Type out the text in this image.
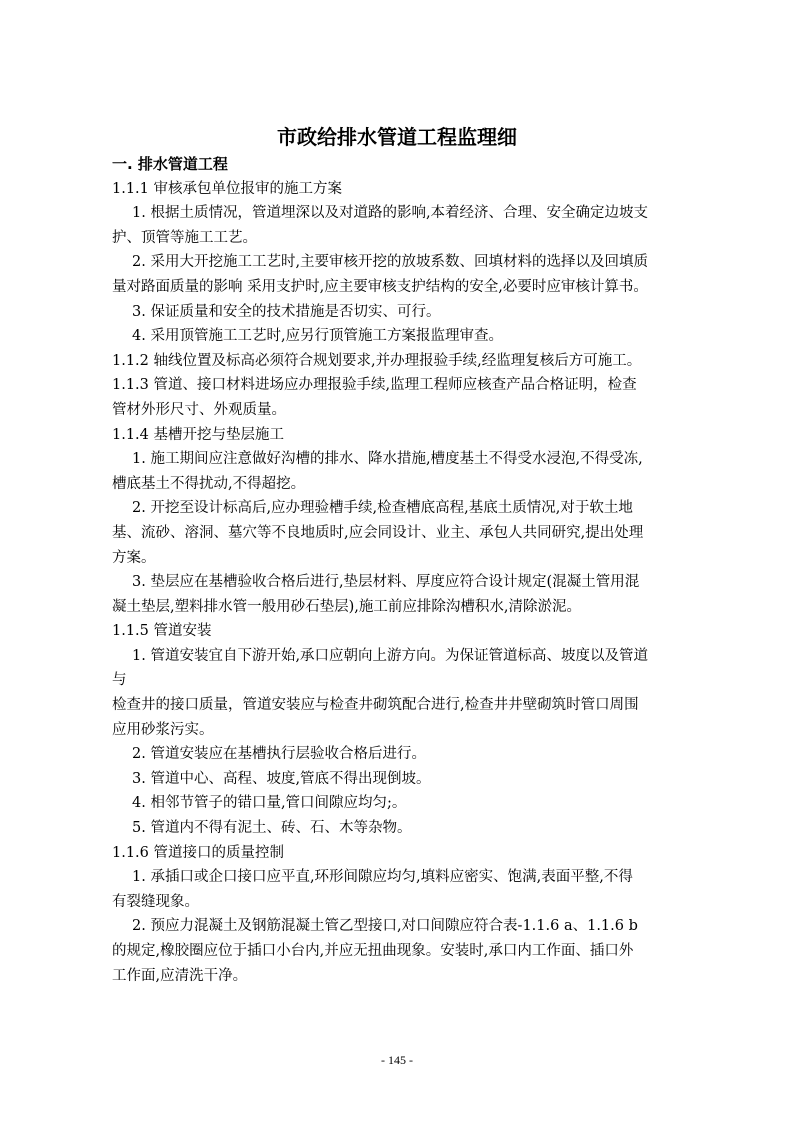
市政给排水管道工程监理细

一. 排水管道工程

1.1.1 审核承包单位报审的施工方案

1. 根据土质情况，管道埋深以及对道路的影响,本着经济、合理、安全确定边坡支

护、顶管等施工工艺。

2. 采用大开挖施工工艺时,主要审核开挖的放坡系数、回填材料的选择以及回填质

量对路面质量的影响 采用支护时,应主要审核支护结构的安全,必要时应审核计算书。

3. 保证质量和安全的技术措施是否切实、可行。

4. 采用顶管施工工艺时,应另行顶管施工方案报监理审查。

1.1.2 轴线位置及标高必须符合规划要求,并办理报验手续,经监理复核后方可施工。

1.1.3 管道、接口材料进场应办理报验手续,监理工程师应核查产品合格证明，检查

管材外形尺寸、外观质量。

1.1.4 基槽开挖与垫层施工

1. 施工期间应注意做好沟槽的排水、降水措施,槽度基土不得受水浸泡,不得受冻,

槽底基土不得扰动,不得超挖。

2. 开挖至设计标高后,应办理验槽手续,检查槽底高程,基底土质情况,对于软土地

基、流砂、溶洞、墓穴等不良地质时,应会同设计、业主、承包人共同研究,提出处理

方案。

3. 垫层应在基槽验收合格后进行,垫层材料、厚度应符合设计规定(混凝土管用混

凝土垫层,塑料排水管一般用砂石垫层),施工前应排除沟槽积水,清除淤泥。

1.1.5 管道安装

1. 管道安装宜自下游开始,承口应朝向上游方向。为保证管道标高、坡度以及管道

与

检查井的接口质量，管道安装应与检查井砌筑配合进行,检查井井壁砌筑时管口周围

应用砂浆污实。

2. 管道安装应在基槽执行层验收合格后进行。

3. 管道中心、高程、坡度,管底不得出现倒坡。

4. 相邻节管子的错口量,管口间隙应均匀;。

5. 管道内不得有泥土、砖、石、木等杂物。

1.1.6 管道接口的质量控制

1. 承插口或企口接口应平直,环形间隙应均匀,填料应密实、饱满,表面平整,不得

有裂缝现象。

2. 预应力混凝土及钢筋混凝土管乙型接口,对口间隙应符合表-1.1.6 a、1.1.6 b

的规定,橡胶圈应位于插口小台内,并应无扭曲现象。安装时,承口内工作面、插口外

工作面,应清洗干净。

- 145 -
